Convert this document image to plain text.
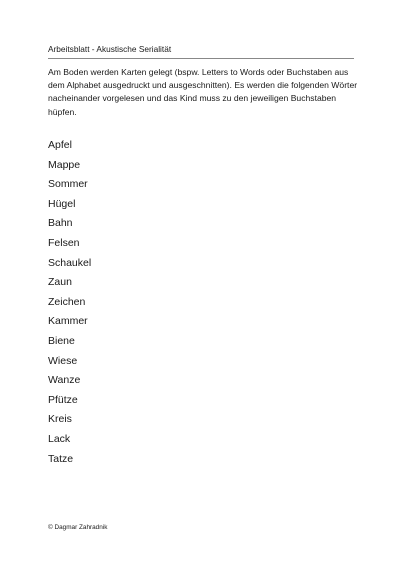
Arbeitsblatt - Akustische Serialität

Am Boden werden Karten gelegt (bspw. Letters to Words oder Buchstaben aus dem Alphabet ausgedruckt und ausgeschnitten). Es werden die folgenden Wörter nacheinander vorgelesen und das Kind muss zu den jeweiligen Buchstaben hüpfen.

Apfel
Mappe
Sommer
Hügel
Bahn
Felsen
Schaukel
Zaun
Zeichen
Kammer
Biene
Wiese
Wanze
Pfütze
Kreis
Lack
Tatze
© Dagmar Zahradnik
